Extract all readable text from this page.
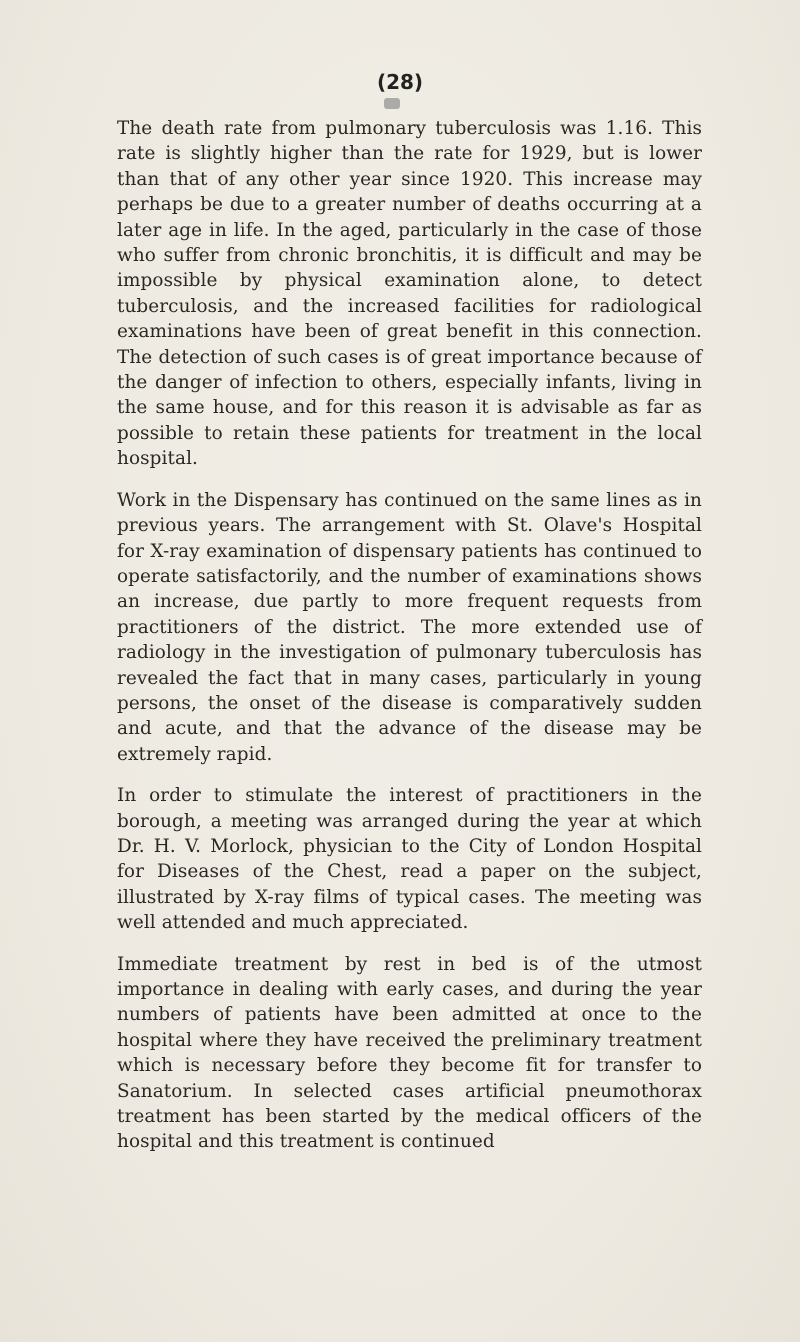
(28)

The death rate from pulmonary tuberculosis was 1.16. This rate is slightly higher than the rate for 1929, but is lower than that of any other year since 1920. This increase may perhaps be due to a greater number of deaths occurring at a later age in life. In the aged, particularly in the case of those who suffer from chronic bronchitis, it is difficult and may be impossible by physical examination alone, to detect tuberculosis, and the increased facilities for radiological examinations have been of great benefit in this connection. The detection of such cases is of great importance because of the danger of infection to others, especially infants, living in the same house, and for this reason it is advisable as far as possible to retain these patients for treatment in the local hospital.

Work in the Dispensary has continued on the same lines as in previous years. The arrangement with St. Olave's Hospital for X-ray examination of dispensary patients has continued to operate satisfactorily, and the number of examinations shows an increase, due partly to more frequent requests from practitioners of the district. The more extended use of radiology in the investigation of pulmonary tuberculosis has revealed the fact that in many cases, particularly in young persons, the onset of the disease is comparatively sudden and acute, and that the advance of the disease may be extremely rapid.

In order to stimulate the interest of practitioners in the borough, a meeting was arranged during the year at which Dr. H. V. Morlock, physician to the City of London Hospital for Diseases of the Chest, read a paper on the subject, illustrated by X-ray films of typical cases. The meeting was well attended and much appreciated.

Immediate treatment by rest in bed is of the utmost importance in dealing with early cases, and during the year numbers of patients have been admitted at once to the hospital where they have received the preliminary treatment which is necessary before they become fit for transfer to Sanatorium. In selected cases artificial pneumothorax treatment has been started by the medical officers of the hospital and this treatment is continued
